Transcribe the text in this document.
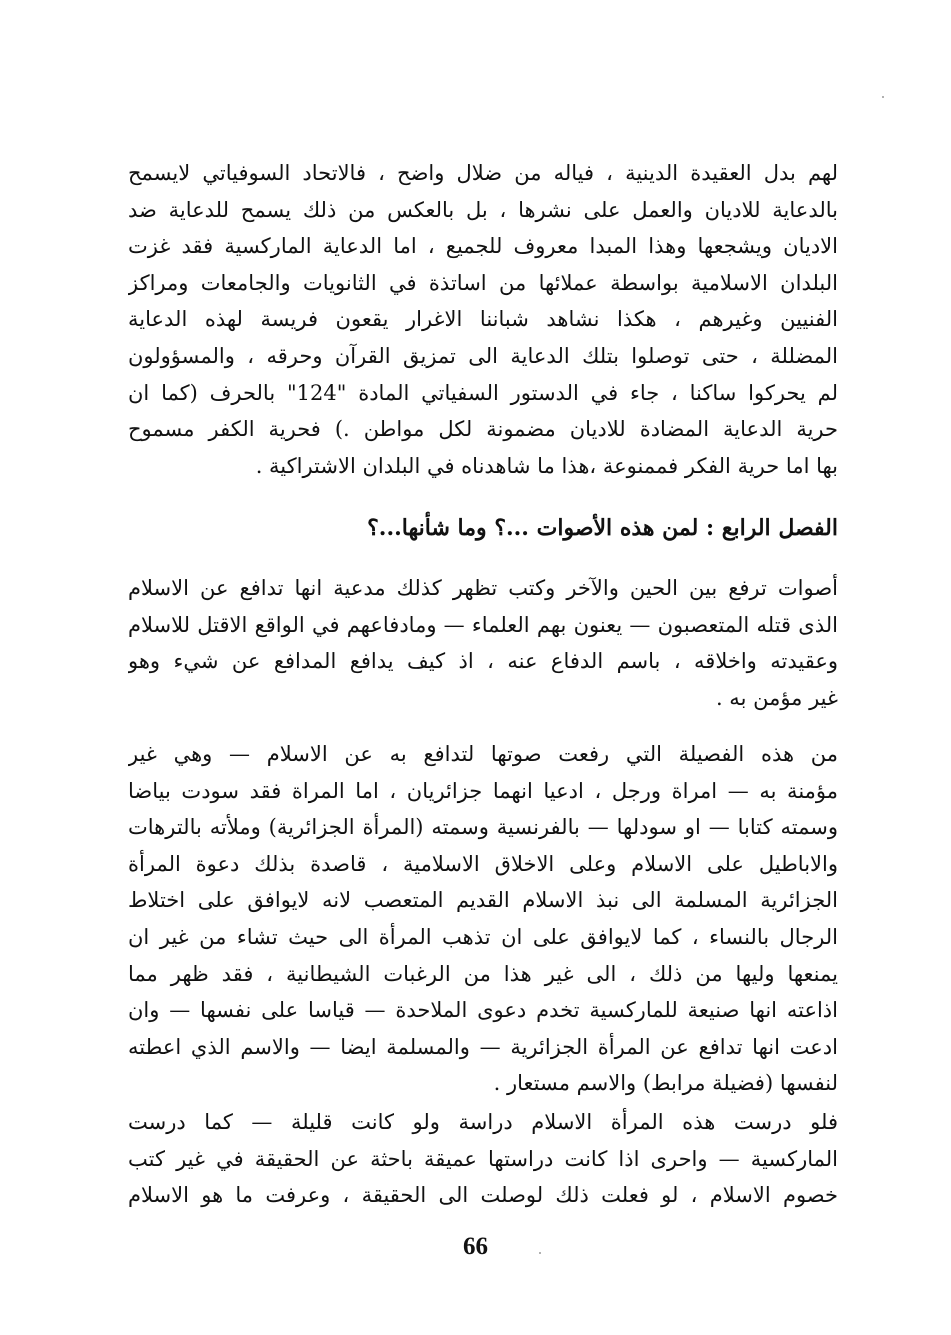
لهم بدل العقيدة الدينية ، فياله من ضلال واضح ، فالاتحاد السوفياتي لايسمح
بالدعاية للاديان والعمل على نشرها ، بل بالعكس من ذلك يسمح للدعاية ضد
الاديان ويشجعها وهذا المبدا معروف للجميع ، اما الدعاية الماركسية فقد غزت
البلدان الاسلامية بواسطة عملائها من اساتذة في الثانويات والجامعات ومراكز
الفنيين وغيرهم ، هكذا نشاهد شباننا الاغرار يقعون فريسة لهذه الدعاية
المضللة ، حتى توصلوا بتلك الدعاية الى تمزيق القرآن وحرقه ، والمسؤولون
لم يحركوا ساكنا ، جاء في الدستور السفياتي المادة "124" بالحرف (كما ان
حرية الدعاية المضادة للاديان مضمونة لكل مواطن .) فحرية الكفر مسموح
بها اما حرية الفكر فممنوعة ،هذا ما شاهدناه في البلدان الاشتراكية .
الفصل الرابع : لمن هذه الأصوات ...؟ وما شأنها...؟
أصوات ترفع بين الحين والآخر وكتب تظهر كذلك مدعية انها تدافع عن الاسلام
الذى قتله المتعصبون — يعنون بهم العلماء — ومادفاعهم في الواقع الاقتل للاسلام
وعقيدته واخلاقه ، باسم الدفاع عنه ، اذ كيف يدافع المدافع عن شيء وهو
غير مؤمن به .
من هذه الفصيلة التي رفعت صوتها لتدافع به عن الاسلام — وهي غير
مؤمنة به — امراة ورجل ، ادعيا انهما جزائريان ، اما المراة فقد سودت بياضا
وسمته كتابا — او سودلها — بالفرنسية وسمته (المرأة الجزائرية) وملأته بالترهات
والاباطيل على الاسلام وعلى الاخلاق الاسلامية ، قاصدة بذلك دعوة المرأة
الجزائرية المسلمة الى نبذ الاسلام القديم المتعصب لانه لايوافق على اختلاط
الرجال بالنساء ، كما لايوافق على ان تذهب المرأة الى حيث تشاء من غير ان
يمنعها وليها من ذلك ، الى غير هذا من الرغبات الشيطانية ، فقد ظهر مما
اذاعته انها صنيعة للماركسية تخدم دعوى الملاحدة — قياسا على نفسها — وان
ادعت انها تدافع عن المرأة الجزائرية — والمسلمة ايضا — والاسم الذي اعطته
لنفسها (فضيلة مرابط) والاسم مستعار .
فلو درست هذه المرأة الاسلام دراسة ولو كانت قليلة — كما درست
الماركسية — واحرى اذا كانت دراستها عميقة باحثة عن الحقيقة في غير كتب
خصوم الاسلام ، لو فعلت ذلك لوصلت الى الحقيقة ، وعرفت ما هو الاسلام
66
